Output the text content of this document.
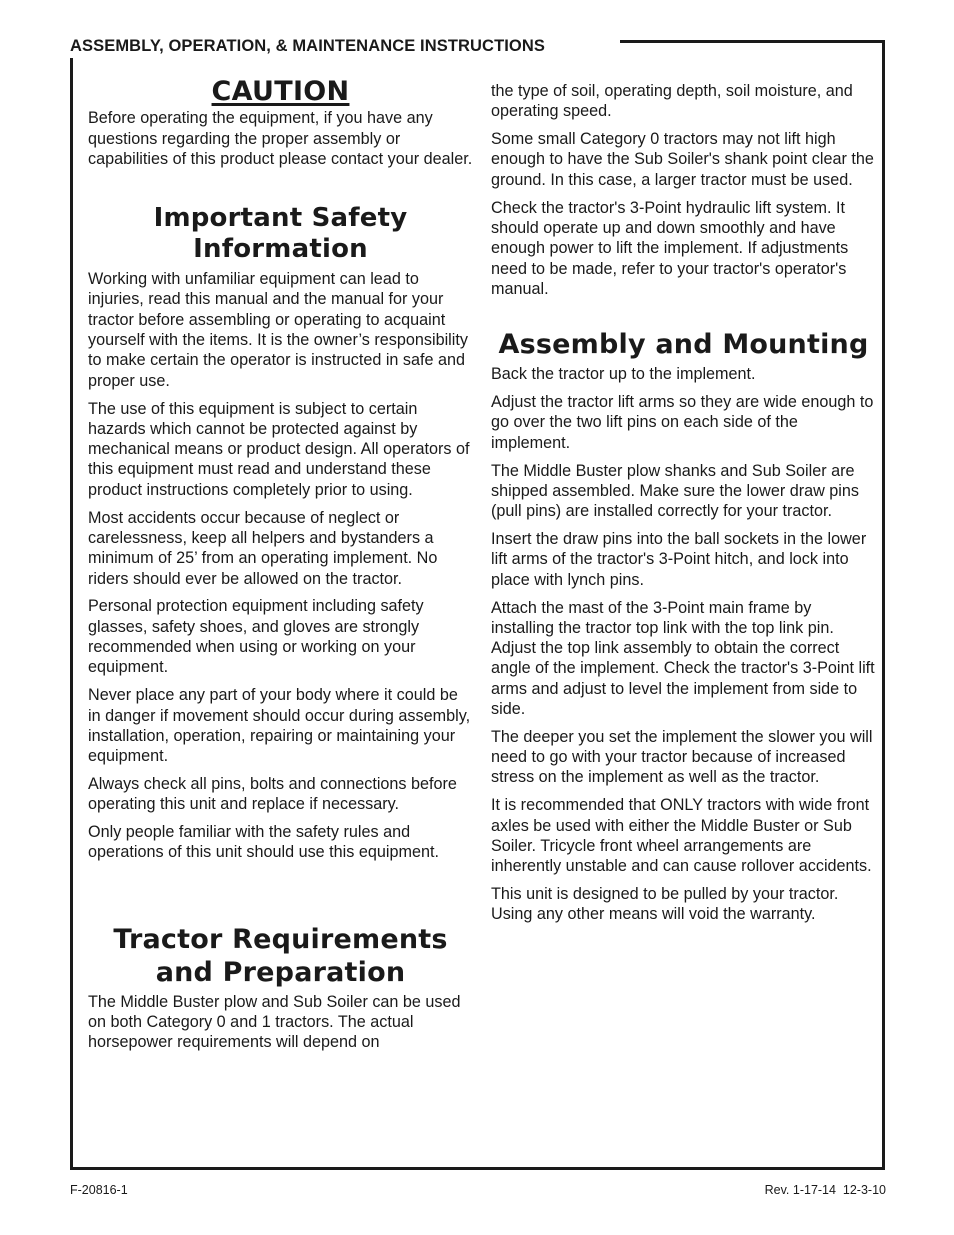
ASSEMBLY, OPERATION, & MAINTENANCE INSTRUCTIONS
CAUTION

Before operating the equipment, if you have any questions regarding the proper assembly or capabilities of this product please contact your dealer.

Important Safety Information

Working with unfamiliar equipment can lead to injuries, read this manual and the manual for your tractor before assembling or operating to acquaint yourself with the items. It is the owner’s responsibility to make certain the operator is instructed in safe and proper use.

The use of this equipment is subject to certain hazards which cannot be protected against by mechanical means or product design. All operators of this equipment must read and understand these product instructions completely prior to using.

Most accidents occur because of neglect or carelessness, keep all helpers and bystanders a minimum of 25’ from an operating implement. No riders should ever be allowed on the tractor.

Personal protection equipment including safety glasses, safety shoes, and gloves are strongly recommended when using or working on your equipment.

Never place any part of your body where it could be in danger if movement should occur during assembly, installation, operation, repairing or maintaining your equipment.

Always check all pins, bolts and connections before operating this unit and replace if necessary.

Only people familiar with the safety rules and operations of this unit should use this equipment.

Tractor Requirements and Preparation

The Middle Buster plow and Sub Soiler can be used on both Category 0 and 1 tractors. The actual horsepower requirements will depend on

the type of soil, operating depth, soil moisture, and operating speed.

Some small Category 0 tractors may not lift high enough to have the Sub Soiler's shank point clear the ground. In this case, a larger tractor must be used.

Check the tractor's 3-Point hydraulic lift system. It should operate up and down smoothly and have enough power to lift the implement. If adjustments need to be made, refer to your tractor's operator's manual.

Assembly and Mounting

Back the tractor up to the implement.

Adjust the tractor lift arms so they are wide enough to go over the two lift pins on each side of the implement.

The Middle Buster plow shanks and Sub Soiler are shipped assembled. Make sure the lower draw pins (pull pins) are installed correctly for your tractor.

Insert the draw pins into the ball sockets in the lower lift arms of the tractor's 3-Point hitch, and lock into place with lynch pins.

Attach the mast of the 3-Point main frame by installing the tractor top link with the top link pin. Adjust the top link assembly to obtain the correct angle of the implement. Check the tractor's 3-Point lift arms and adjust to level the implement from side to side.

The deeper you set the implement the slower you will need to go with your tractor because of increased stress on the implement as well as the tractor.

It is recommended that ONLY tractors with wide front axles be used with either the Middle Buster or Sub Soiler. Tricycle front wheel arrangements are inherently unstable and can cause rollover accidents.

This unit is designed to be pulled by your tractor. Using any other means will void the warranty.

F-20816-1	Rev. 1-17-14  12-3-10
